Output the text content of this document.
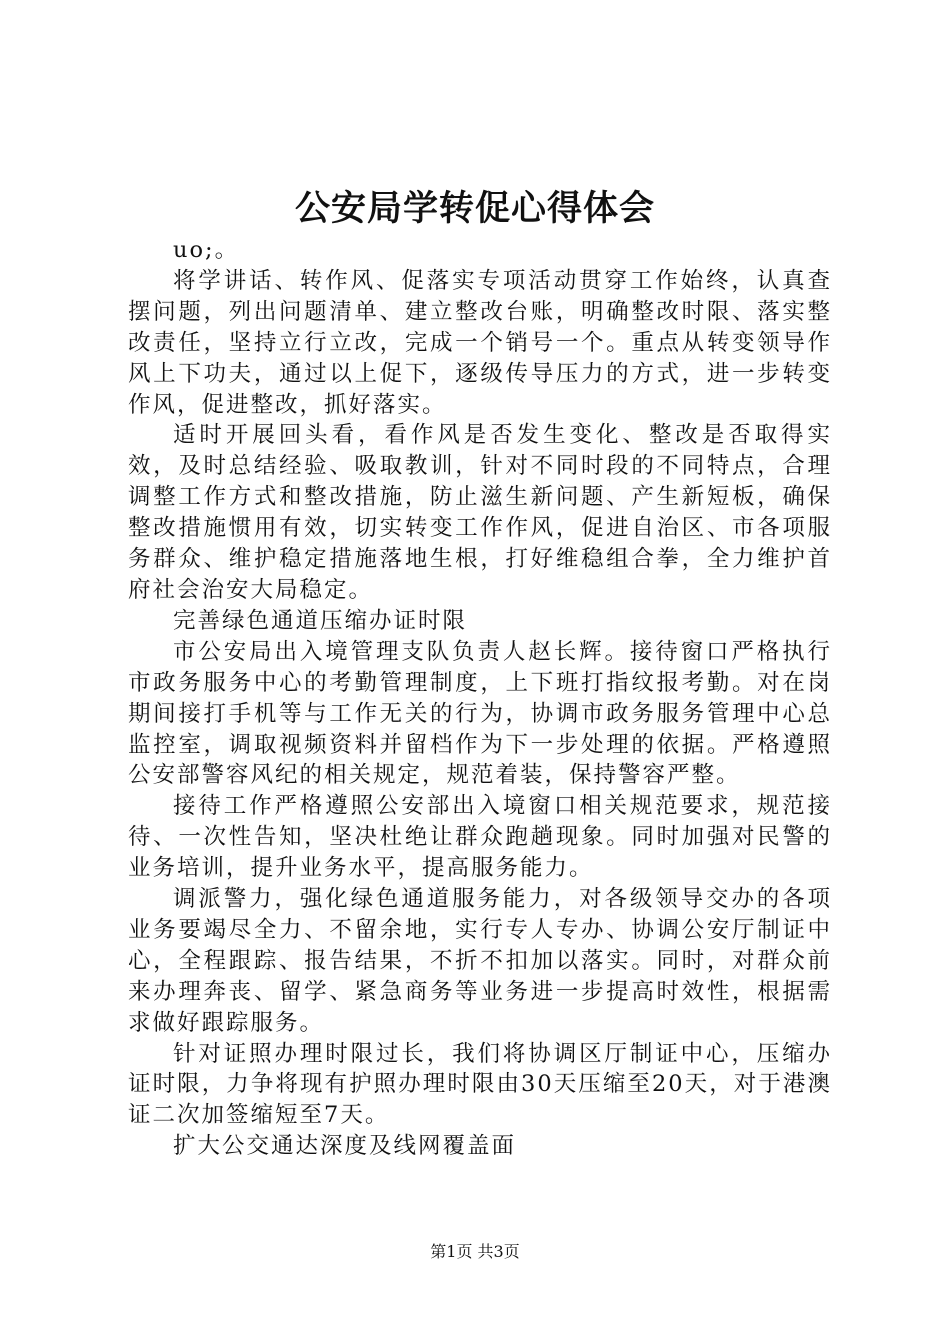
公安局学转促心得体会

uo;。

将学讲话、转作风、促落实专项活动贯穿工作始终，认真查摆问题，列出问题清单、建立整改台账，明确整改时限、落实整改责任，坚持立行立改，完成一个销号一个。重点从转变领导作风上下功夫，通过以上促下，逐级传导压力的方式，进一步转变作风，促进整改，抓好落实。

适时开展回头看，看作风是否发生变化、整改是否取得实效，及时总结经验、吸取教训，针对不同时段的不同特点，合理调整工作方式和整改措施，防止滋生新问题、产生新短板，确保整改措施惯用有效，切实转变工作作风，促进自治区、市各项服务群众、维护稳定措施落地生根，打好维稳组合拳，全力维护首府社会治安大局稳定。

完善绿色通道压缩办证时限

市公安局出入境管理支队负责人赵长辉。接待窗口严格执行市政务服务中心的考勤管理制度，上下班打指纹报考勤。对在岗期间接打手机等与工作无关的行为，协调市政务服务管理中心总监控室，调取视频资料并留档作为下一步处理的依据。严格遵照公安部警容风纪的相关规定，规范着装，保持警容严整。

接待工作严格遵照公安部出入境窗口相关规范要求，规范接待、一次性告知，坚决杜绝让群众跑趟现象。同时加强对民警的业务培训，提升业务水平，提高服务能力。

调派警力，强化绿色通道服务能力，对各级领导交办的各项业务要竭尽全力、不留余地，实行专人专办、协调公安厅制证中心，全程跟踪、报告结果，不折不扣加以落实。同时，对群众前来办理奔丧、留学、紧急商务等业务进一步提高时效性，根据需求做好跟踪服务。

针对证照办理时限过长，我们将协调区厅制证中心，压缩办证时限，力争将现有护照办理时限由30天压缩至20天，对于港澳证二次加签缩短至7天。

扩大公交通达深度及线网覆盖面

第1页 共3页
